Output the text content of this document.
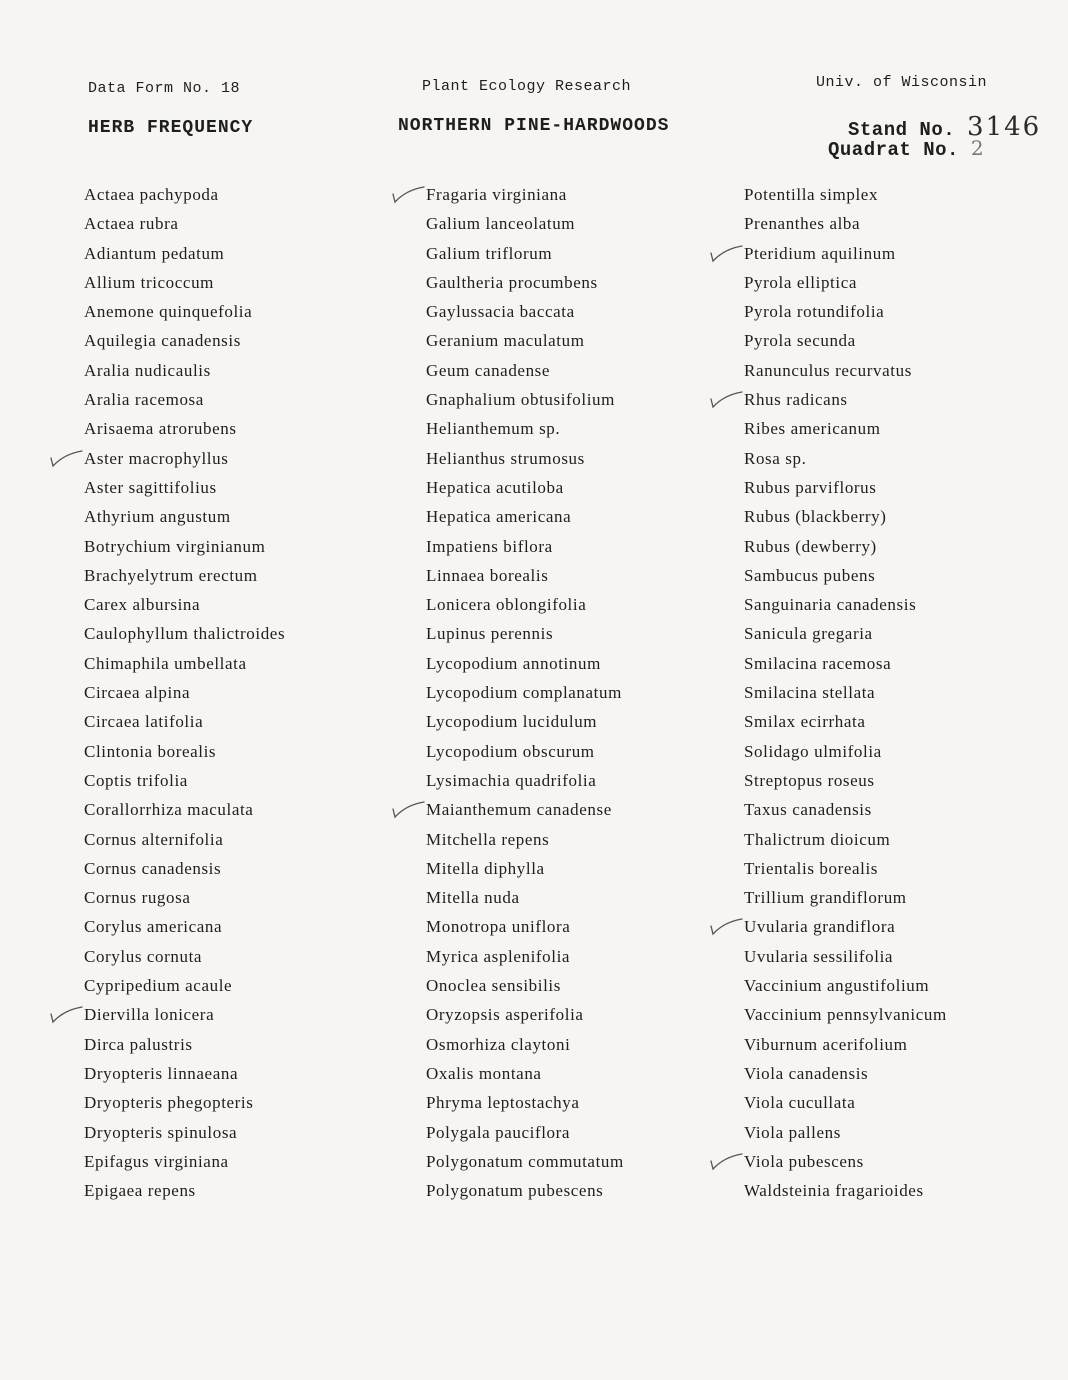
Data Form No. 18	Plant Ecology Research	Univ. of Wisconsin
HERB FREQUENCY	NORTHERN PINE-HARDWOODS	Stand No. 3146
Quadrat No. 2
Actaea pachypoda
Actaea rubra
Adiantum pedatum
Allium tricoccum
Anemone quinquefolia
Aquilegia canadensis
Aralia nudicaulis
Aralia racemosa
Arisaema atrorubens
Aster macrophyllus
Aster sagittifolius
Athyrium angustum
Botrychium virginianum
Brachyelytrum erectum
Carex albursina
Caulophyllum thalictroides
Chimaphila umbellata
Circaea alpina
Circaea latifolia
Clintonia borealis
Coptis trifolia
Corallorrhiza maculata
Cornus alternifolia
Cornus canadensis
Cornus rugosa
Corylus americana
Corylus cornuta
Cypripedium acaule
Diervilla lonicera
Dirca palustris
Dryopteris linnaeana
Dryopteris phegopteris
Dryopteris spinulosa
Epifagus virginiana
Epigaea repens
Fragaria virginiana
Galium lanceolatum
Galium triflorum
Gaultheria procumbens
Gaylussacia baccata
Geranium maculatum
Geum canadense
Gnaphalium obtusifolium
Helianthemum sp.
Helianthus strumosus
Hepatica acutiloba
Hepatica americana
Impatiens biflora
Linnaea borealis
Lonicera oblongifolia
Lupinus perennis
Lycopodium annotinum
Lycopodium complanatum
Lycopodium lucidulum
Lycopodium obscurum
Lysimachia quadrifolia
Maianthemum canadense
Mitchella repens
Mitella diphylla
Mitella nuda
Monotropa uniflora
Myrica asplenifolia
Onoclea sensibilis
Oryzopsis asperifolia
Osmorhiza claytoni
Oxalis montana
Phryma leptostachya
Polygala pauciflora
Polygonatum commutatum
Polygonatum pubescens
Potentilla simplex
Prenanthes alba
Pteridium aquilinum
Pyrola elliptica
Pyrola rotundifolia
Pyrola secunda
Ranunculus recurvatus
Rhus radicans
Ribes americanum
Rosa sp.
Rubus parviflorus
Rubus (blackberry)
Rubus (dewberry)
Sambucus pubens
Sanguinaria canadensis
Sanicula gregaria
Smilacina racemosa
Smilacina stellata
Smilax ecirrhata
Solidago ulmifolia
Streptopus roseus
Taxus canadensis
Thalictrum dioicum
Trientalis borealis
Trillium grandiflorum
Uvularia grandiflora
Uvularia sessilifolia
Vaccinium angustifolium
Vaccinium pennsylvanicum
Viburnum acerifolium
Viola canadensis
Viola cucullata
Viola pallens
Viola pubescens
Waldsteinia fragarioides
